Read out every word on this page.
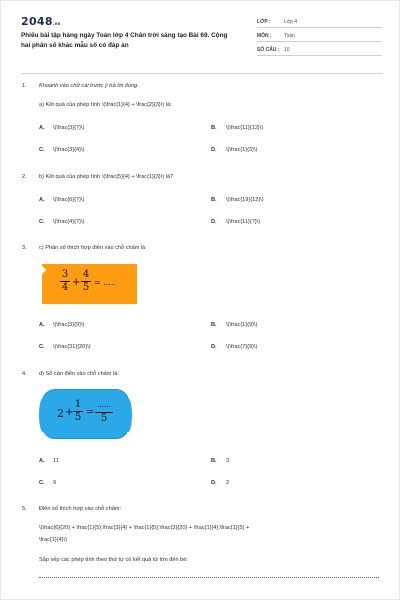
2048.vn
Phiếu bài tập hàng ngày Toán lớp 4 Chân trời sáng tạo Bài 69. Cộng hai phân số khác mẫu số có đáp án
LỚP :	Lớp 4
MÔN : Toán
SỐ CÂU : 10
1. Khoanh vào chữ cái trước ý trả lời đúng.
a) Kết quả của phép tính \(\frac{1}{4} + \frac{2}{3}\) là:
A. \(\frac{3}{7}\)	B. \(\frac{11}{12}\)
C. \(\frac{3}{4}\)	D. \(\frac{1}{3}\)
2. b) Kết quả của phép tính \(\frac{5}{4} + \frac{1}{3}\) là?
A. \(\frac{6}{7}\)	B. \(\frac{19}{12}\)
C. \(\frac{4}{7}\)	D. \(\frac{11}{7}\)
3. c) Phân số thích hợp điền vào chỗ chấm là
3
4 +
4
5 = .....
A. \(\frac{3}{9}\)	B. \(\frac{1}{9}\)
C. \(\frac{31}{20}\)	D. \(\frac{7}{9}\)
4. d) Số cần điền vào chỗ chấm là:
2 +
1
5 =
......
5
A. 11	B. 3
C. 9	D. 2
5. Điền số thích hợp vào chỗ chấm:
\(\frac{6}{20} + \frac{1}{5};\frac{3}{4} + \frac{1}{5};\frac{3}{20} + \frac{1}{4};\frac{1}{5} +
\frac{1}{4}\)
Sắp xếp các phép tính theo thứ tự có kết quả từ lớn đến bé:
